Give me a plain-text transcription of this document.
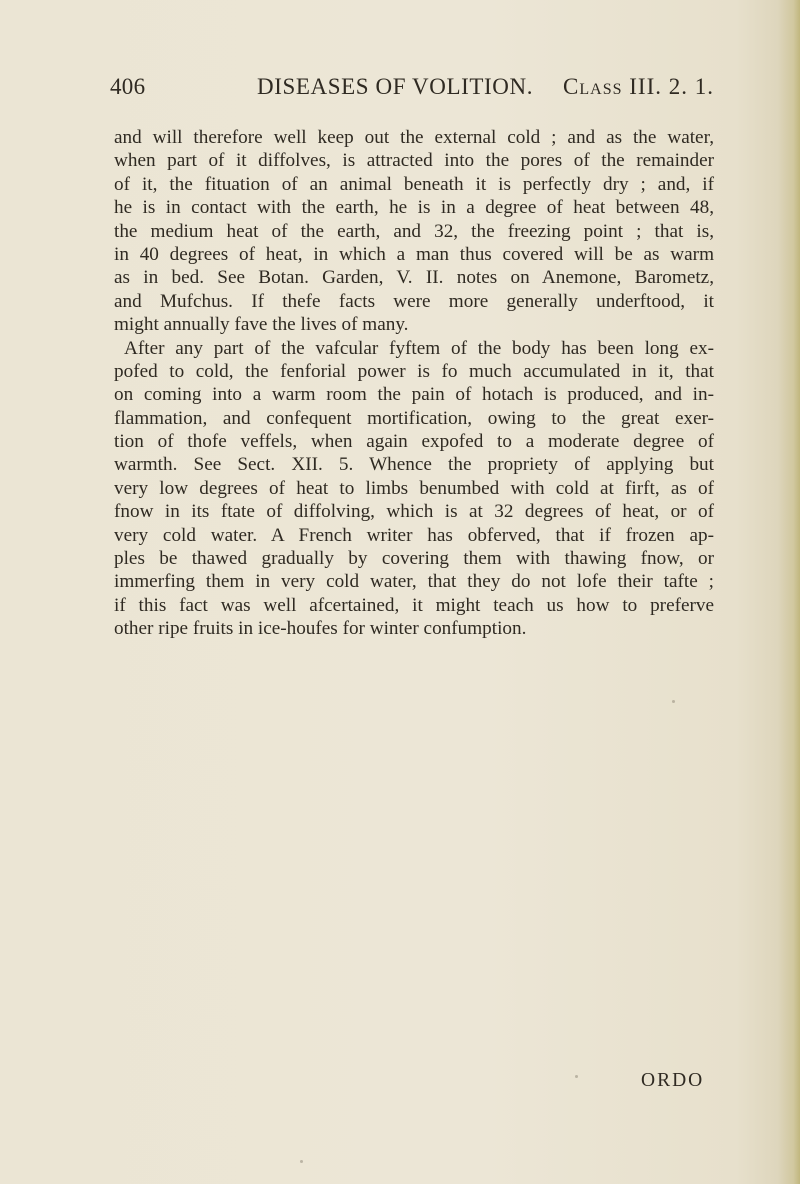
406	DISEASES OF VOLITION. Class III. 2. 1.
and will therefore well keep out the external cold ; and as the water,
when part of it diffolves, is attracted into the pores of the remainder
of it, the fituation of an animal beneath it is perfectly dry ; and, if
he is in contact with the earth, he is in a degree of heat between 48,
the medium heat of the earth, and 32, the freezing point ; that is,
in 40 degrees of heat, in which a man thus covered will be as warm
as in bed. See Botan. Garden, V. II. notes on Anemone, Barometz,
and Mufchus. If thefe facts were more generally underftood, it
might annually fave the lives of many.
After any part of the vafcular fyftem of the body has been long ex-
pofed to cold, the fenforial power is fo much accumulated in it, that
on coming into a warm room the pain of hotach is produced, and in-
flammation, and confequent mortification, owing to the great exer-
tion of thofe veffels, when again expofed to a moderate degree of
warmth. See Sect. XII. 5. Whence the propriety of applying but
very low degrees of heat to limbs benumbed with cold at firft, as of
fnow in its ftate of diffolving, which is at 32 degrees of heat, or of
very cold water. A French writer has obferved, that if frozen ap-
ples be thawed gradually by covering them with thawing fnow, or
immerfing them in very cold water, that they do not lofe their tafte ;
if this fact was well afcertained, it might teach us how to preferve
other ripe fruits in ice-houfes for winter confumption.
ORDO
